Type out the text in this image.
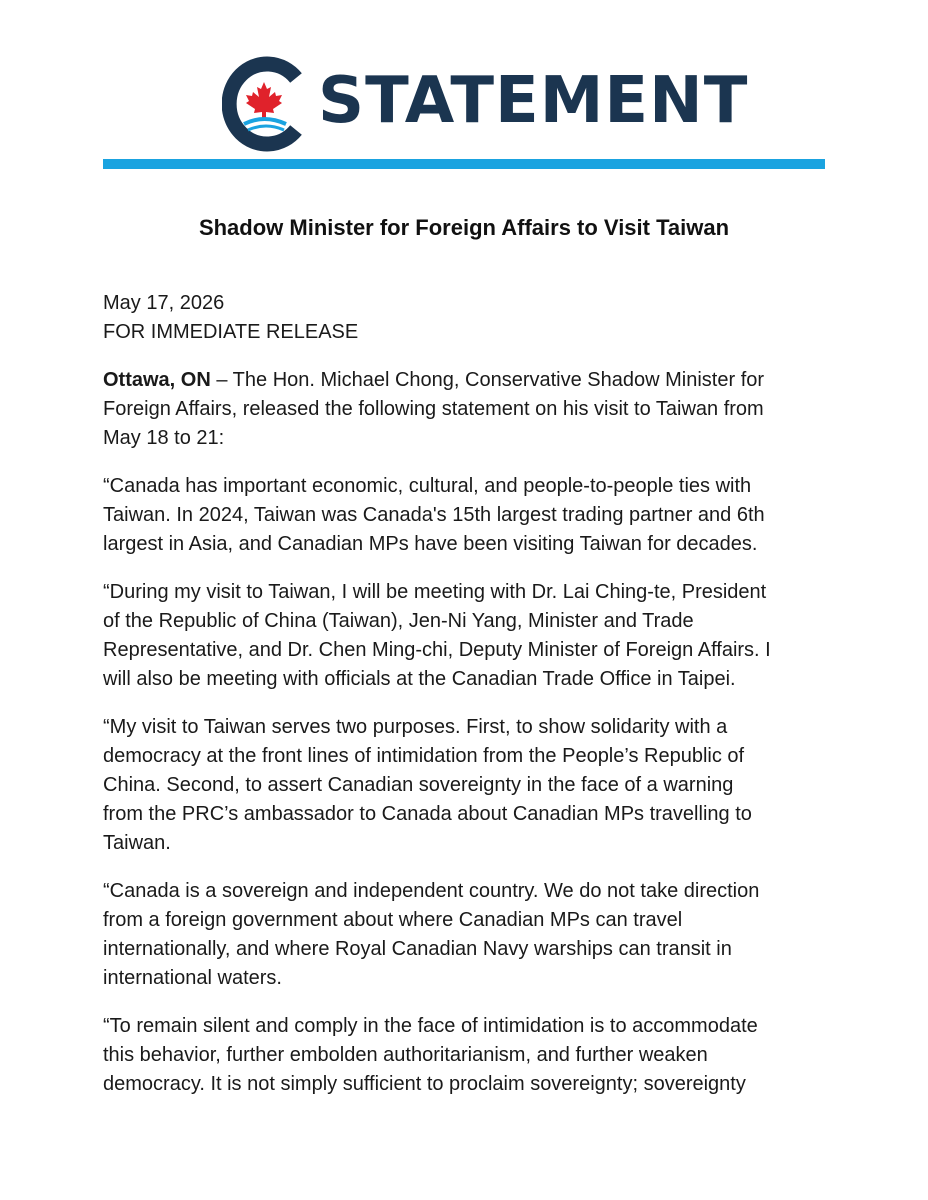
STATEMENT
Shadow Minister for Foreign Affairs to Visit Taiwan

May 17, 2026
FOR IMMEDIATE RELEASE

Ottawa, ON – The Hon. Michael Chong, Conservative Shadow Minister for
Foreign Affairs, released the following statement on his visit to Taiwan from
May 18 to 21:

“Canada has important economic, cultural, and people-to-people ties with
Taiwan. In 2024, Taiwan was Canada's 15th largest trading partner and 6th
largest in Asia, and Canadian MPs have been visiting Taiwan for decades.

“During my visit to Taiwan, I will be meeting with Dr. Lai Ching-te, President
of the Republic of China (Taiwan), Jen-Ni Yang, Minister and Trade
Representative, and Dr. Chen Ming-chi, Deputy Minister of Foreign Affairs. I
will also be meeting with officials at the Canadian Trade Office in Taipei.

“My visit to Taiwan serves two purposes. First, to show solidarity with a
democracy at the front lines of intimidation from the People’s Republic of
China. Second, to assert Canadian sovereignty in the face of a warning
from the PRC’s ambassador to Canada about Canadian MPs travelling to
Taiwan.

“Canada is a sovereign and independent country. We do not take direction
from a foreign government about where Canadian MPs can travel
internationally, and where Royal Canadian Navy warships can transit in
international waters.

“To remain silent and comply in the face of intimidation is to accommodate
this behavior, further embolden authoritarianism, and further weaken
democracy. It is not simply sufficient to proclaim sovereignty; sovereignty
